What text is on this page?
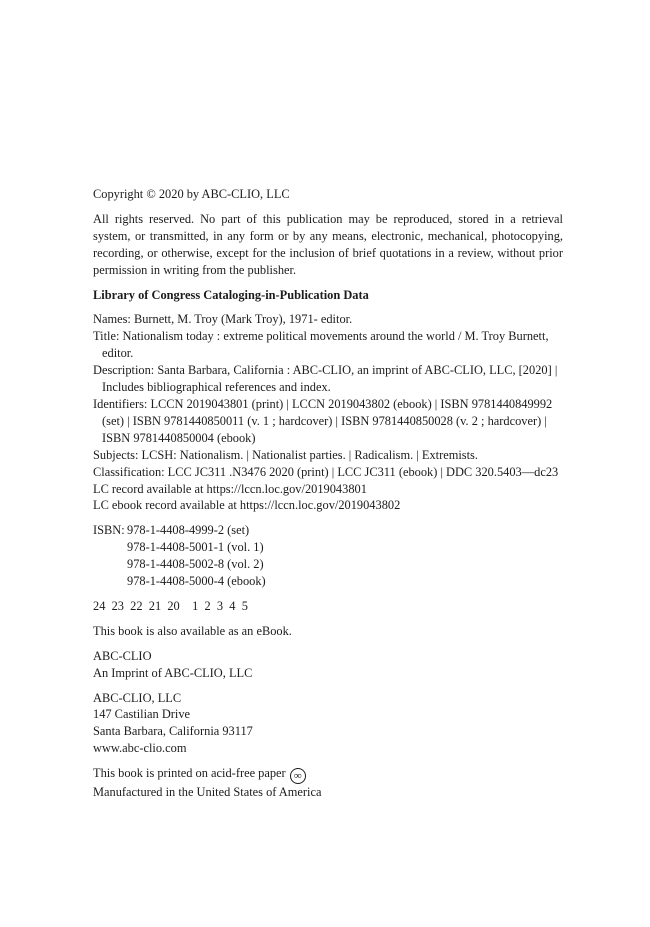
Copyright © 2020 by ABC-CLIO, LLC

All rights reserved. No part of this publication may be reproduced, stored in a retrieval system, or transmitted, in any form or by any means, electronic, mechanical, photocopying, recording, or otherwise, except for the inclusion of brief quotations in a review, without prior permission in writing from the publisher.

Library of Congress Cataloging-in-Publication Data

Names: Burnett, M. Troy (Mark Troy), 1971- editor.

Title: Nationalism today : extreme political movements around the world / M. Troy Burnett, editor.

Description: Santa Barbara, California : ABC-CLIO, an imprint of ABC-CLIO, LLC, [2020] | Includes bibliographical references and index.

Identifiers: LCCN 2019043801 (print) | LCCN 2019043802 (ebook) | ISBN 9781440849992 (set) | ISBN 9781440850011 (v. 1 ; hardcover) | ISBN 9781440850028 (v. 2 ; hardcover) | ISBN 9781440850004 (ebook)

Subjects: LCSH: Nationalism. | Nationalist parties. | Radicalism. | Extremists.

Classification: LCC JC311 .N3476 2020 (print) | LCC JC311 (ebook) | DDC 320.5403—dc23

LC record available at https://lccn.loc.gov/2019043801

LC ebook record available at https://lccn.loc.gov/2019043802

ISBN: 978-1-4408-4999-2 (set)

978-1-4408-5001-1 (vol. 1)

978-1-4408-5002-8 (vol. 2)

978-1-4408-5000-4 (ebook)

24  23  22  21  20    1  2  3  4  5

This book is also available as an eBook.

ABC-CLIO

An Imprint of ABC-CLIO, LLC

ABC-CLIO, LLC

147 Castilian Drive

Santa Barbara, California 93117

www.abc-clio.com

This book is printed on acid-free paper ∞

Manufactured in the United States of America
